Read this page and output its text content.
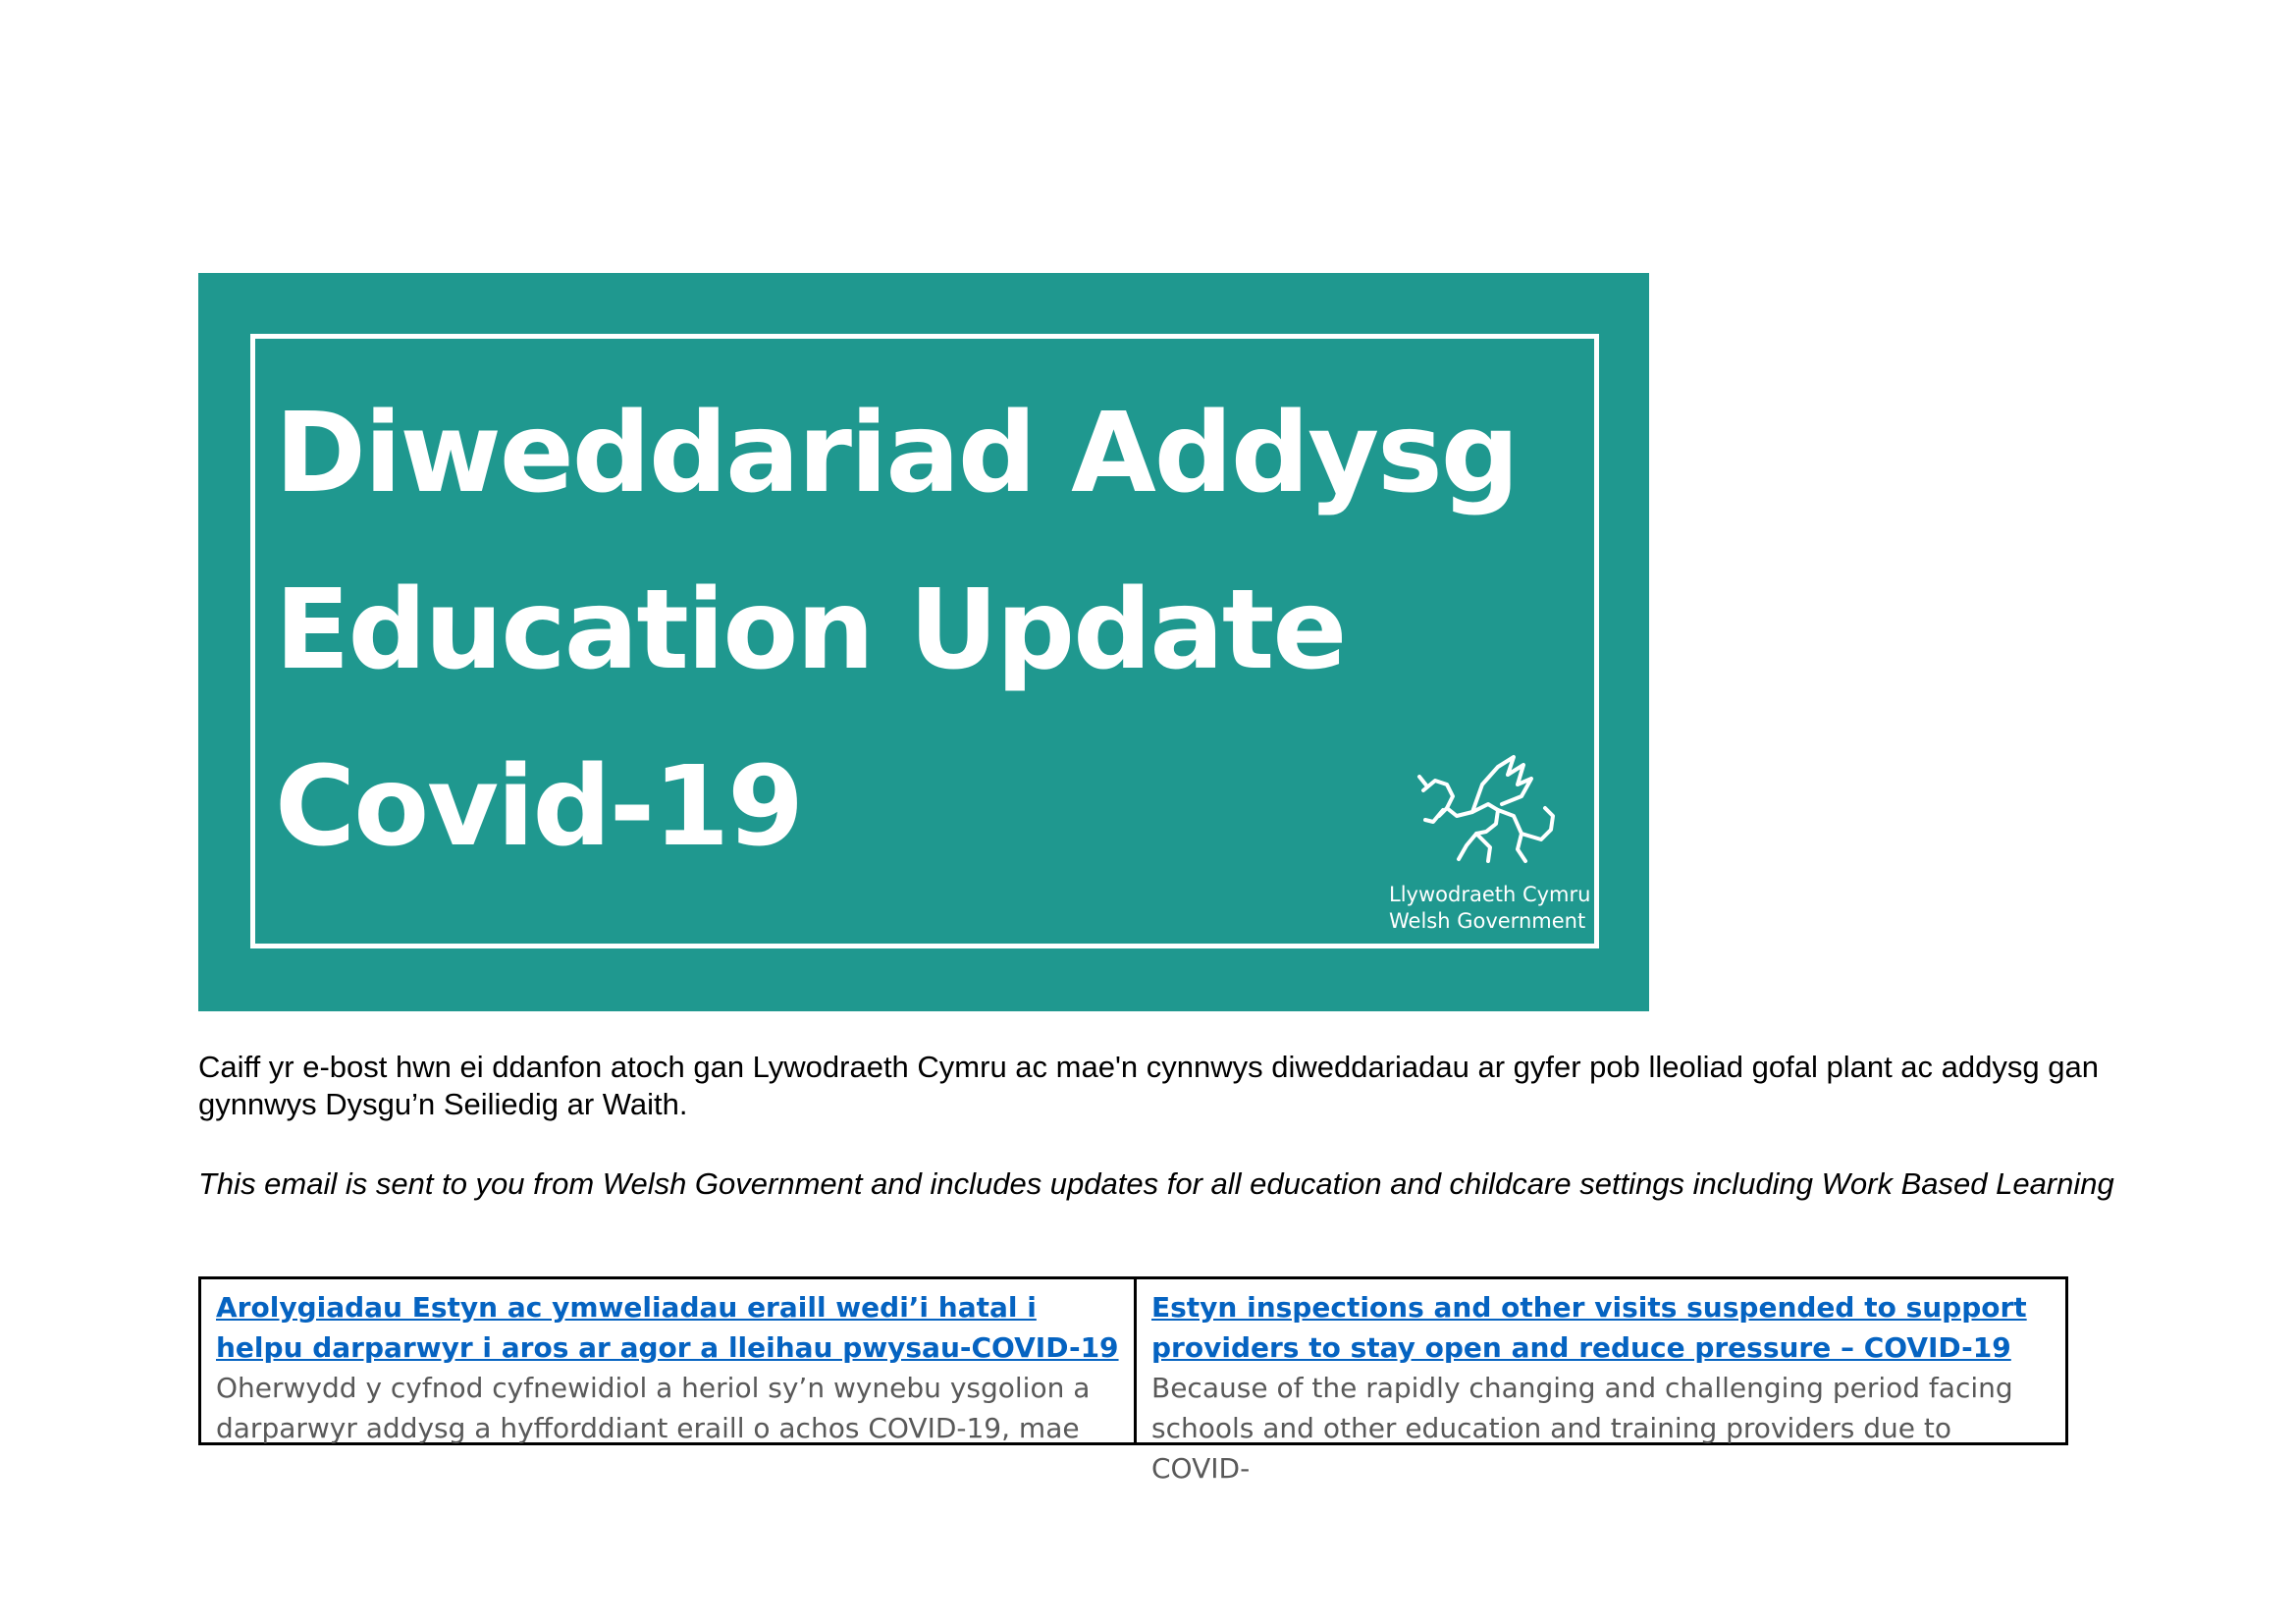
Diweddariad Addysg
Education Update
Covid-19
Llywodraeth Cymru
Welsh Government

Caiff yr e-bost hwn ei ddanfon atoch gan Lywodraeth Cymru ac mae'n cynnwys diweddariadau ar gyfer pob lleoliad gofal plant ac addysg gan gynnwys Dysgu’n Seiliedig ar Waith.

This email is sent to you from Welsh Government and includes updates for all education and childcare settings including Work Based Learning

Arolygiadau Estyn ac ymweliadau eraill wedi’i hatal i helpu darparwyr i aros ar agor a lleihau pwysau-COVID-19
Oherwydd y cyfnod cyfnewidiol a heriol sy’n wynebu ysgolion a darparwyr addysg a hyfforddiant eraill o achos COVID-19, mae
Estyn inspections and other visits suspended to support providers to stay open and reduce pressure – COVID-19
Because of the rapidly changing and challenging period facing schools and other education and training providers due to COVID-
